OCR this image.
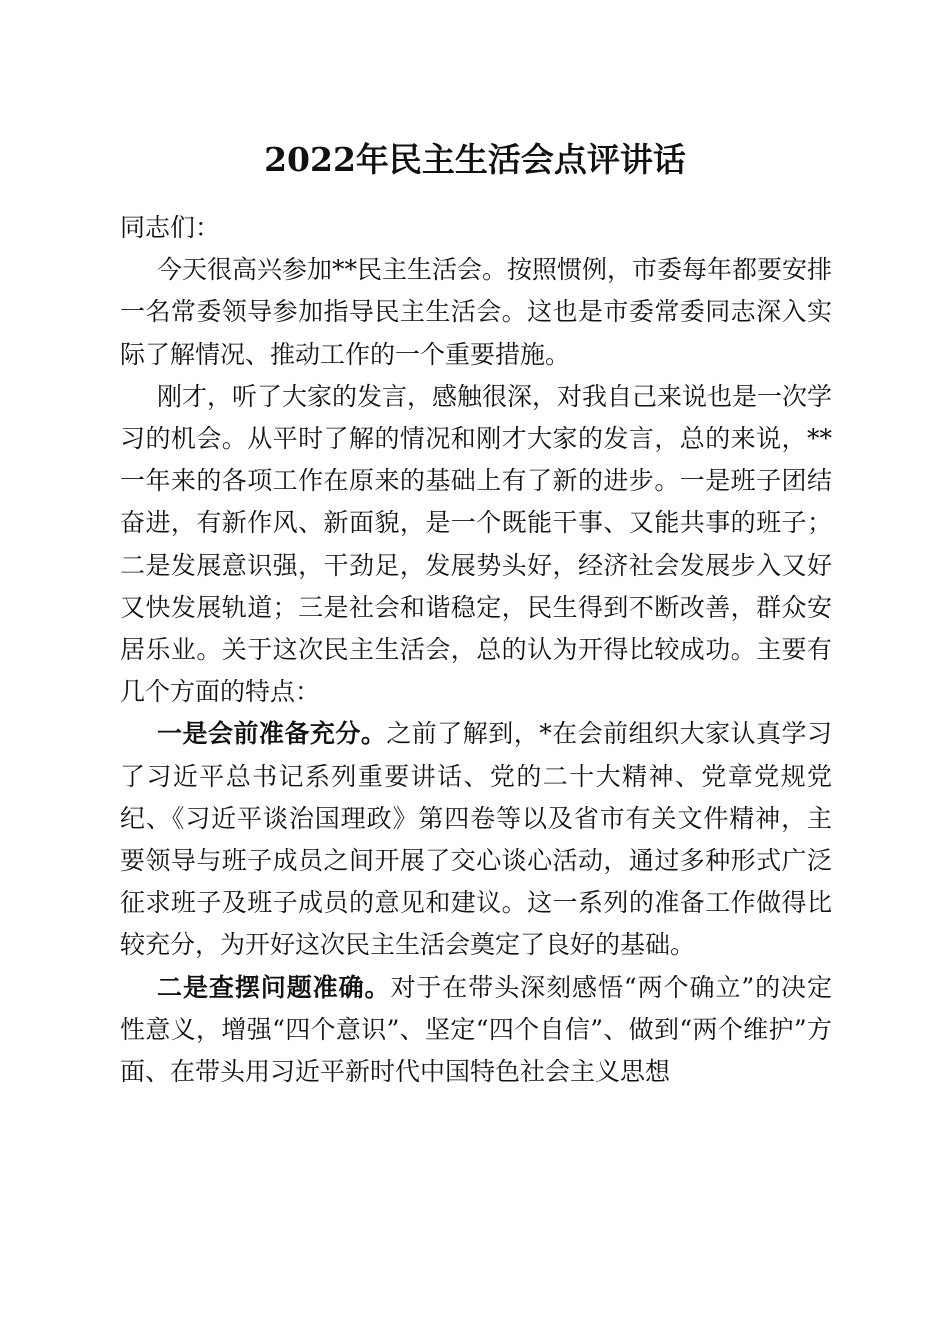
2022年民主生活会点评讲话

同志们：

今天很高兴参加**民主生活会。按照惯例，市委每年都要安排一名常委领导参加指导民主生活会。这也是市委常委同志深入实际了解情况、推动工作的一个重要措施。

刚才，听了大家的发言，感触很深，对我自己来说也是一次学习的机会。从平时了解的情况和刚才大家的发言，总的来说，**一年来的各项工作在原来的基础上有了新的进步。一是班子团结奋进，有新作风、新面貌，是一个既能干事、又能共事的班子；二是发展意识强，干劲足，发展势头好，经济社会发展步入又好又快发展轨道；三是社会和谐稳定，民生得到不断改善，群众安居乐业。关于这次民主生活会，总的认为开得比较成功。主要有几个方面的特点：

一是会前准备充分。之前了解到，*在会前组织大家认真学习了习近平总书记系列重要讲话、党的二十大精神、党章党规党纪、《习近平谈治国理政》第四卷等以及省市有关文件精神，主要领导与班子成员之间开展了交心谈心活动，通过多种形式广泛征求班子及班子成员的意见和建议。这一系列的准备工作做得比较充分，为开好这次民主生活会奠定了良好的基础。

二是查摆问题准确。对于在带头深刻感悟“两个确立”的决定性意义，增强“四个意识”、坚定“四个自信”、做到“两个维护”方面、在带头用习近平新时代中国特色社会主义思想
